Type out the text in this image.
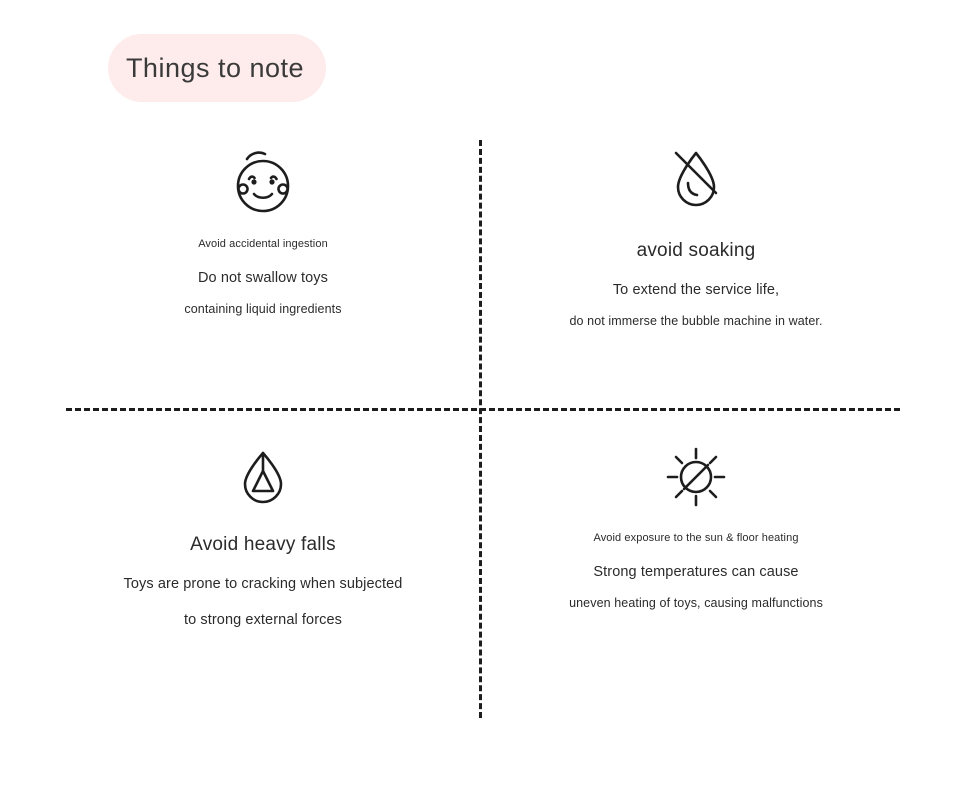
Things to note
Avoid accidental ingestion
Do not swallow toys
containing liquid ingredients
avoid soaking
To extend the service life,
do not immerse the bubble machine in water.
Avoid heavy falls
Toys are prone to cracking when subjected
to strong external forces
Avoid exposure to the sun & floor heating
Strong temperatures can cause
uneven heating of toys, causing malfunctions
